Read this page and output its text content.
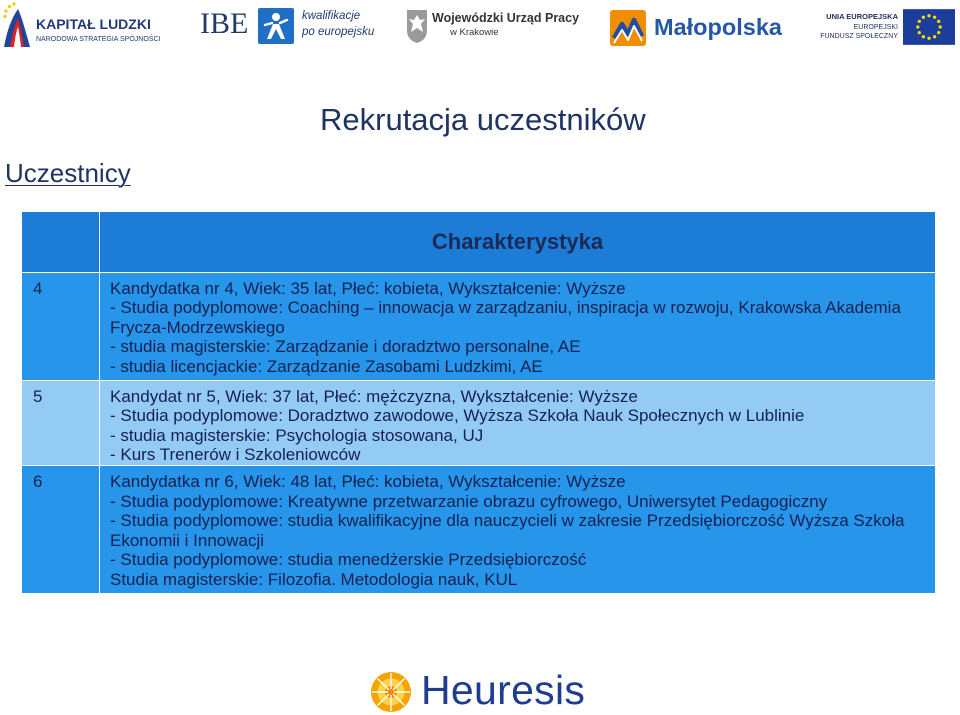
KAPITAŁ LUDZKI
NARODOWA STRATEGIA SPÓJNOŚCI IBE	kwalifikacje
po europejsku
Wojewódzki Urząd Pracy
w Krakowie	Małopolska	UNIA EUROPEJSKA
EUROPEJSKI
FUNDUSZ SPOŁECZNY
Rekrutacja uczestników
Uczestnicy
Charakterystyka
4	Kandydatka nr 4, Wiek: 35 lat, Płeć: kobieta, Wykształcenie: Wyższe
- Studia podyplomowe: Coaching – innowacja w zarządzaniu, inspiracja w rozwoju, Krakowska Akademia
Frycza-Modrzewskiego
- studia magisterskie: Zarządzanie i doradztwo personalne, AE
- studia licencjackie: Zarządzanie Zasobami Ludzkimi, AE
5	Kandydat nr 5, Wiek: 37 lat, Płeć: mężczyzna, Wykształcenie: Wyższe
- Studia podyplomowe: Doradztwo zawodowe, Wyższa Szkoła Nauk Społecznych w Lublinie
- studia magisterskie: Psychologia stosowana, UJ
- Kurs Trenerów i Szkoleniowców
6	Kandydatka nr 6, Wiek: 48 lat, Płeć: kobieta, Wykształcenie: Wyższe
- Studia podyplomowe: Kreatywne przetwarzanie obrazu cyfrowego, Uniwersytet Pedagogiczny
- Studia podyplomowe: studia kwalifikacyjne dla nauczycieli w zakresie Przedsiębiorczość Wyższa Szkoła
Ekonomii i Innowacji
- Studia podyplomowe: studia menedżerskie Przedsiębiorczość
Studia magisterskie: Filozofia. Metodologia nauk, KUL
Heuresis
